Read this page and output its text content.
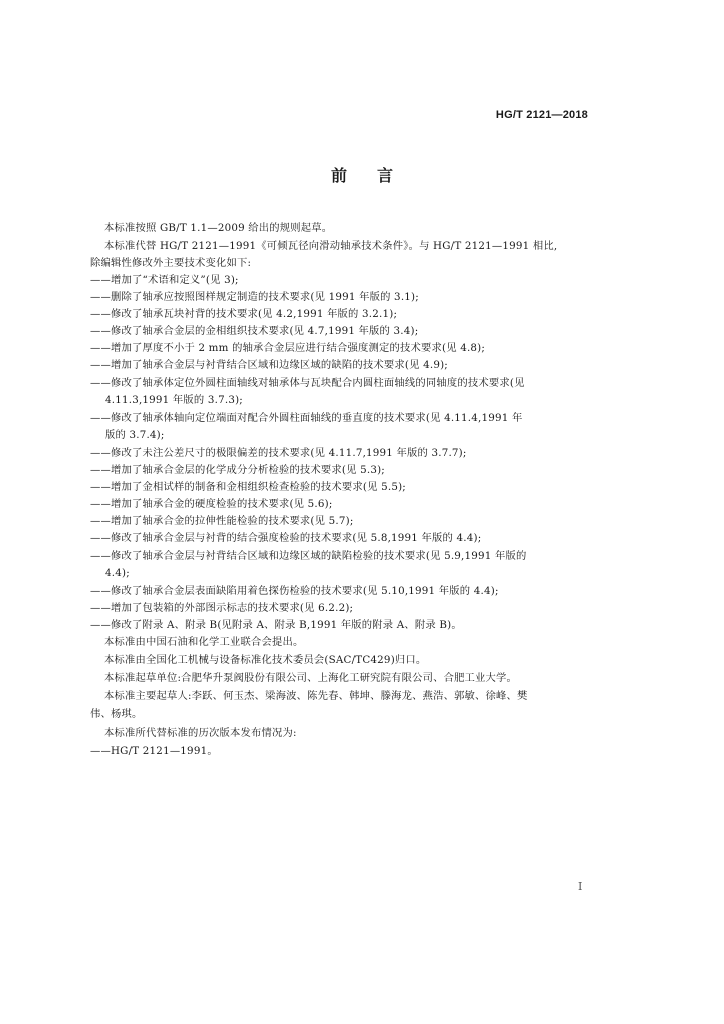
HG/T 2121—2018
前言
本标准按照 GB/T 1.1—2009 给出的规则起草。
本标准代替 HG/T 2121—1991《可倾瓦径向滑动轴承技术条件》。与 HG/T 2121—1991 相比,
除编辑性修改外主要技术变化如下:
——增加了“术语和定义”(见 3);
——删除了轴承应按照图样规定制造的技术要求(见 1991 年版的 3.1);
——修改了轴承瓦块衬背的技术要求(见 4.2,1991 年版的 3.2.1);
——修改了轴承合金层的金相组织技术要求(见 4.7,1991 年版的 3.4);
——增加了厚度不小于 2 mm 的轴承合金层应进行结合强度测定的技术要求(见 4.8);
——增加了轴承合金层与衬背结合区域和边缘区域的缺陷的技术要求(见 4.9);
——修改了轴承体定位外圆柱面轴线对轴承体与瓦块配合内圆柱面轴线的同轴度的技术要求(见
4.11.3,1991 年版的 3.7.3);
——修改了轴承体轴向定位端面对配合外圆柱面轴线的垂直度的技术要求(见 4.11.4,1991 年
版的 3.7.4);
——修改了未注公差尺寸的极限偏差的技术要求(见 4.11.7,1991 年版的 3.7.7);
——增加了轴承合金层的化学成分分析检验的技术要求(见 5.3);
——增加了金相试样的制备和金相组织检查检验的技术要求(见 5.5);
——增加了轴承合金的硬度检验的技术要求(见 5.6);
——增加了轴承合金的拉伸性能检验的技术要求(见 5.7);
——修改了轴承合金层与衬背的结合强度检验的技术要求(见 5.8,1991 年版的 4.4);
——修改了轴承合金层与衬背结合区域和边缘区域的缺陷检验的技术要求(见 5.9,1991 年版的
4.4);
——修改了轴承合金层表面缺陷用着色探伤检验的技术要求(见 5.10,1991 年版的 4.4);
——增加了包装箱的外部图示标志的技术要求(见 6.2.2);
——修改了附录 A、附录 B(见附录 A、附录 B,1991 年版的附录 A、附录 B)。
本标准由中国石油和化学工业联合会提出。
本标准由全国化工机械与设备标准化技术委员会(SAC/TC429)归口。
本标准起草单位:合肥华升泵阀股份有限公司、上海化工研究院有限公司、合肥工业大学。
本标准主要起草人:李跃、何玉杰、梁海波、陈先春、韩坤、滕海龙、燕浩、郭敏、徐峰、樊
伟、杨琪。
本标准所代替标准的历次版本发布情况为:
——HG/T 2121—1991。
I
